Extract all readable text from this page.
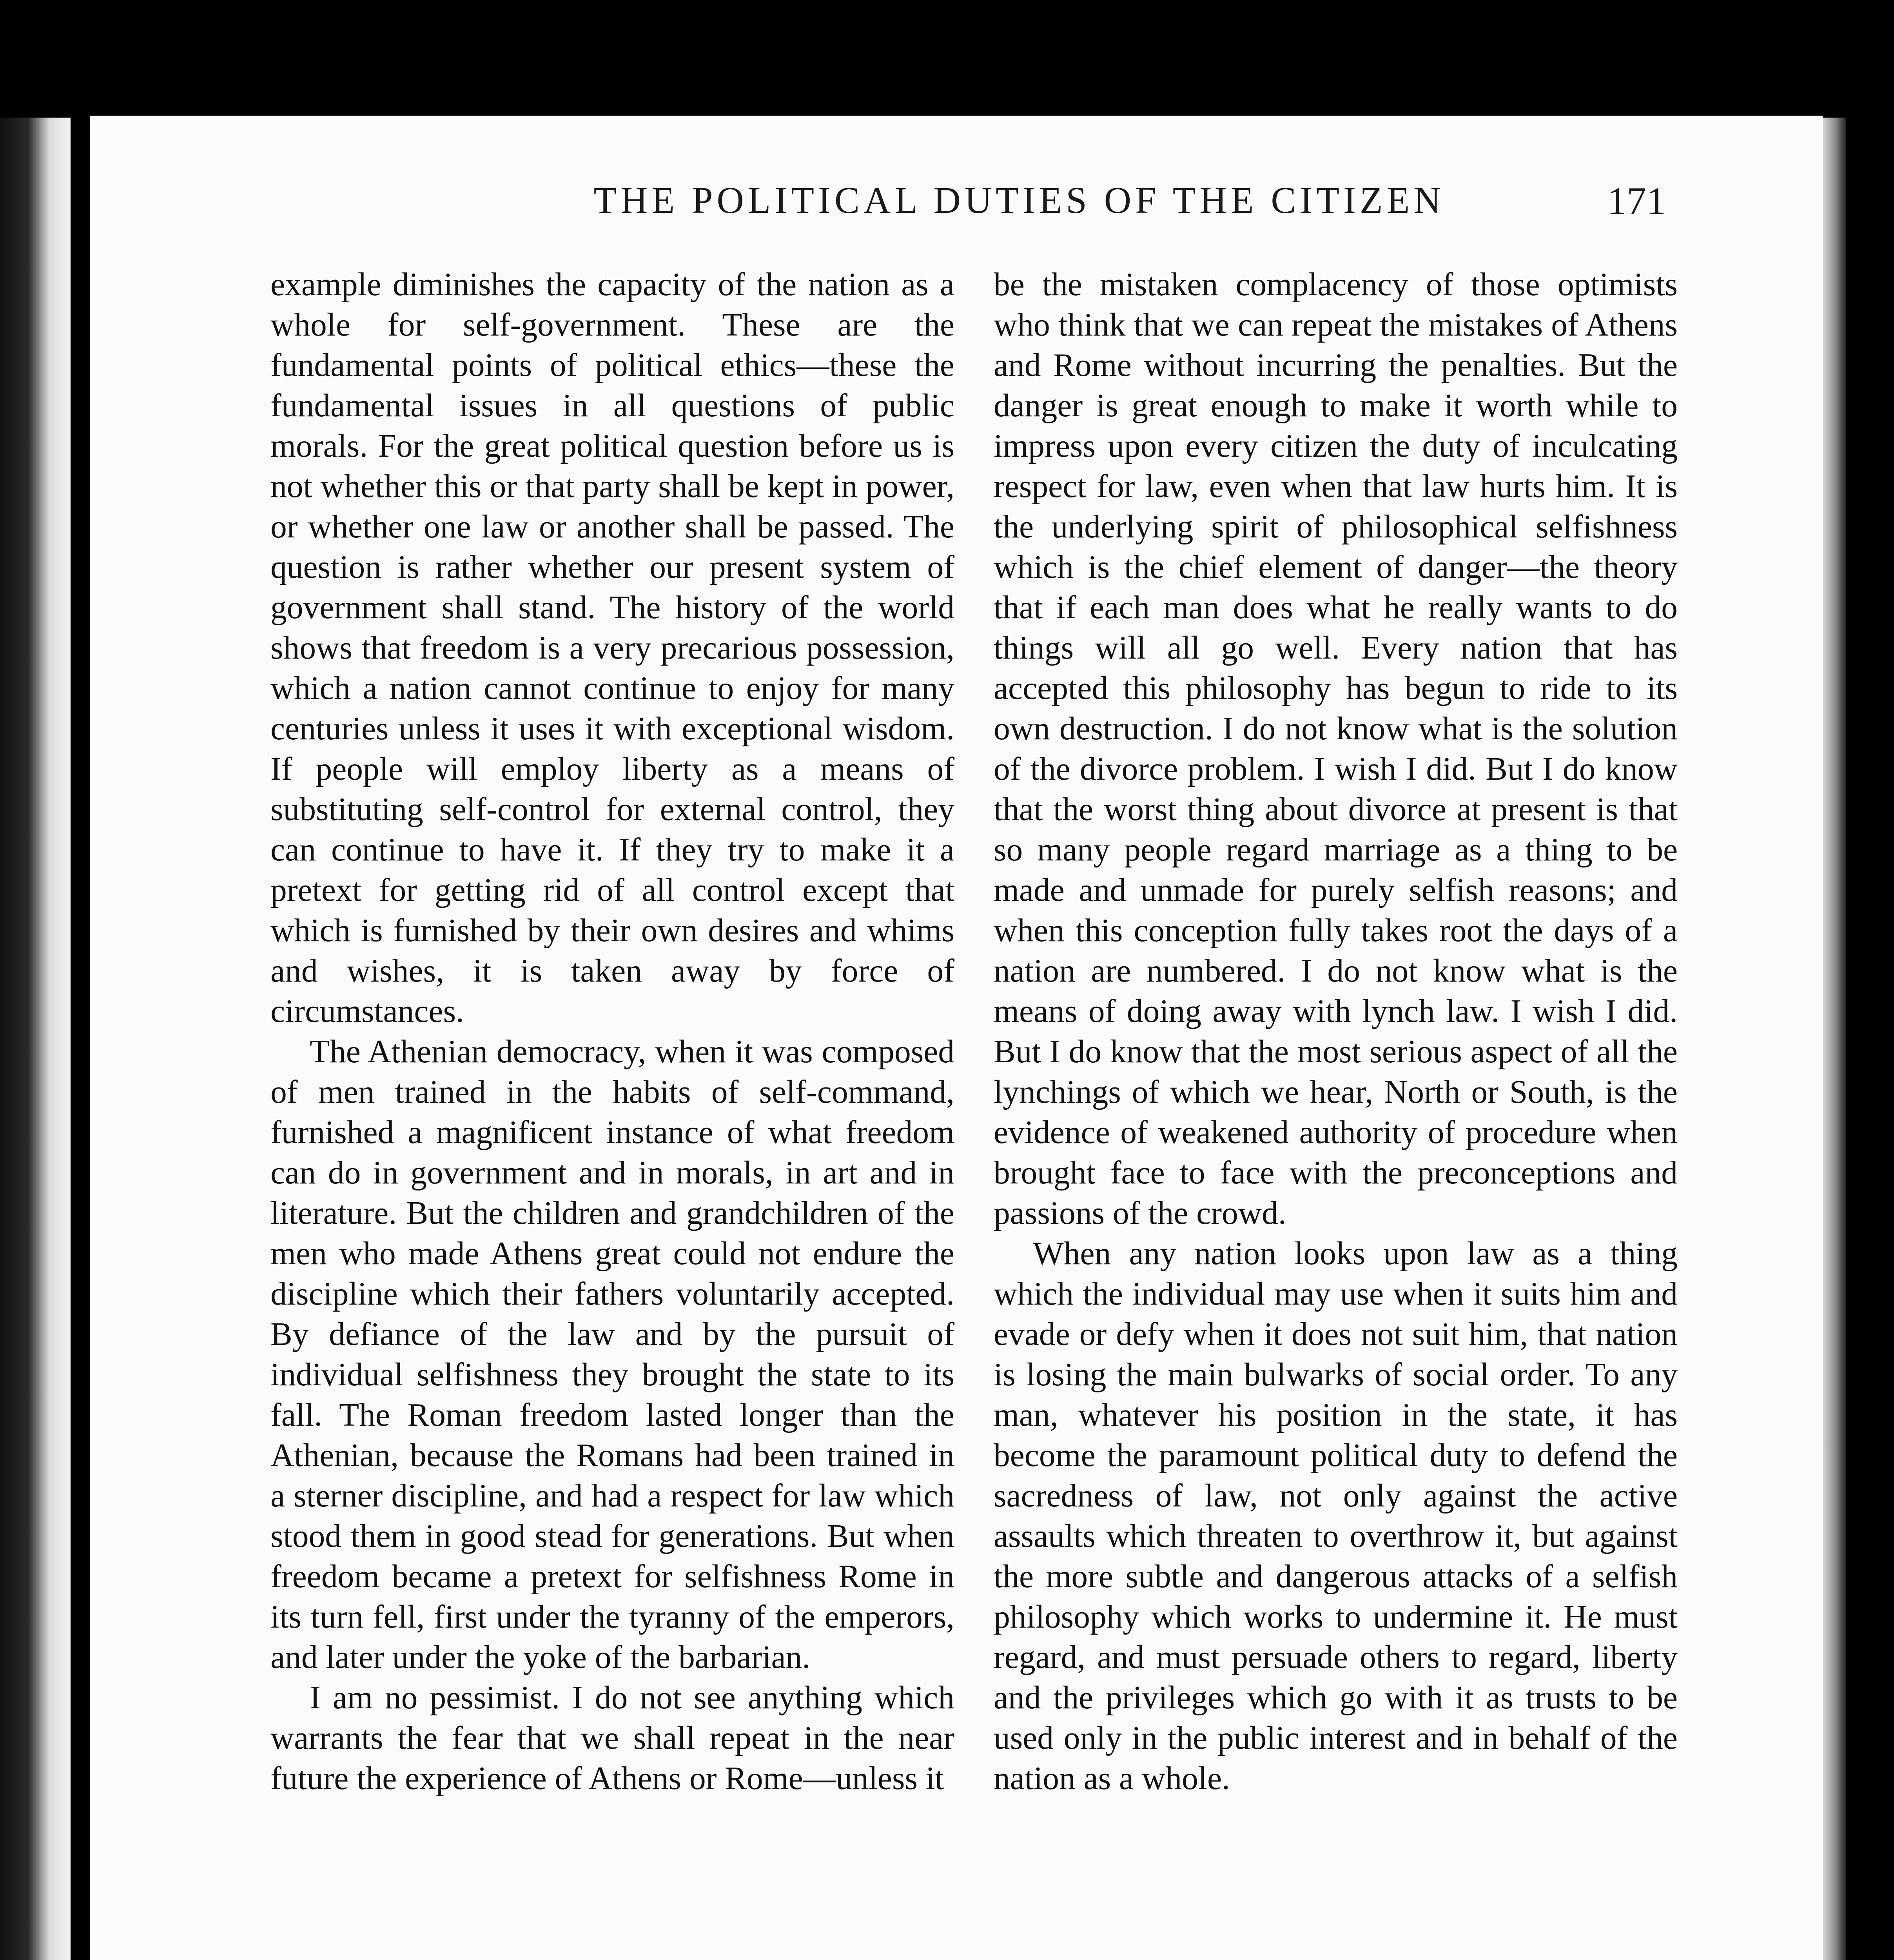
THE POLITICAL DUTIES OF THE CITIZEN	171

example diminishes the capacity of the nation as a whole for self-government. These are the fundamental points of political ethics—these the fundamental issues in all questions of public morals. For the great political question before us is not whether this or that party shall be kept in power, or whether one law or another shall be passed. The question is rather whether our present system of government shall stand. The history of the world shows that freedom is a very precarious possession, which a nation cannot continue to enjoy for many centuries unless it uses it with exceptional wisdom. If people will employ liberty as a means of substituting self-control for external control, they can continue to have it. If they try to make it a pretext for getting rid of all control except that which is furnished by their own desires and whims and wishes, it is taken away by force of circumstances.

The Athenian democracy, when it was composed of men trained in the habits of self-command, furnished a magnificent instance of what freedom can do in government and in morals, in art and in literature. But the children and grandchildren of the men who made Athens great could not endure the discipline which their fathers voluntarily accepted. By defiance of the law and by the pursuit of individual selfishness they brought the state to its fall. The Roman freedom lasted longer than the Athenian, because the Romans had been trained in a sterner discipline, and had a respect for law which stood them in good stead for generations. But when freedom became a pretext for selfishness Rome in its turn fell, first under the tyranny of the emperors, and later under the yoke of the barbarian.

I am no pessimist. I do not see anything which warrants the fear that we shall repeat in the near future the experience of Athens or Rome—unless it

be the mistaken complacency of those optimists who think that we can repeat the mistakes of Athens and Rome without incurring the penalties. But the danger is great enough to make it worth while to impress upon every citizen the duty of inculcating respect for law, even when that law hurts him. It is the underlying spirit of philosophical selfishness which is the chief element of danger—the theory that if each man does what he really wants to do things will all go well. Every nation that has accepted this philosophy has begun to ride to its own destruction. I do not know what is the solution of the divorce problem. I wish I did. But I do know that the worst thing about divorce at present is that so many people regard marriage as a thing to be made and unmade for purely selfish reasons; and when this conception fully takes root the days of a nation are numbered. I do not know what is the means of doing away with lynch law. I wish I did. But I do know that the most serious aspect of all the lynchings of which we hear, North or South, is the evidence of weakened authority of procedure when brought face to face with the preconceptions and passions of the crowd.

When any nation looks upon law as a thing which the individual may use when it suits him and evade or defy when it does not suit him, that nation is losing the main bulwarks of social order. To any man, whatever his position in the state, it has become the paramount political duty to defend the sacredness of law, not only against the active assaults which threaten to overthrow it, but against the more subtle and dangerous attacks of a selfish philosophy which works to undermine it. He must regard, and must persuade others to regard, liberty and the privileges which go with it as trusts to be used only in the public interest and in behalf of the nation as a whole.
